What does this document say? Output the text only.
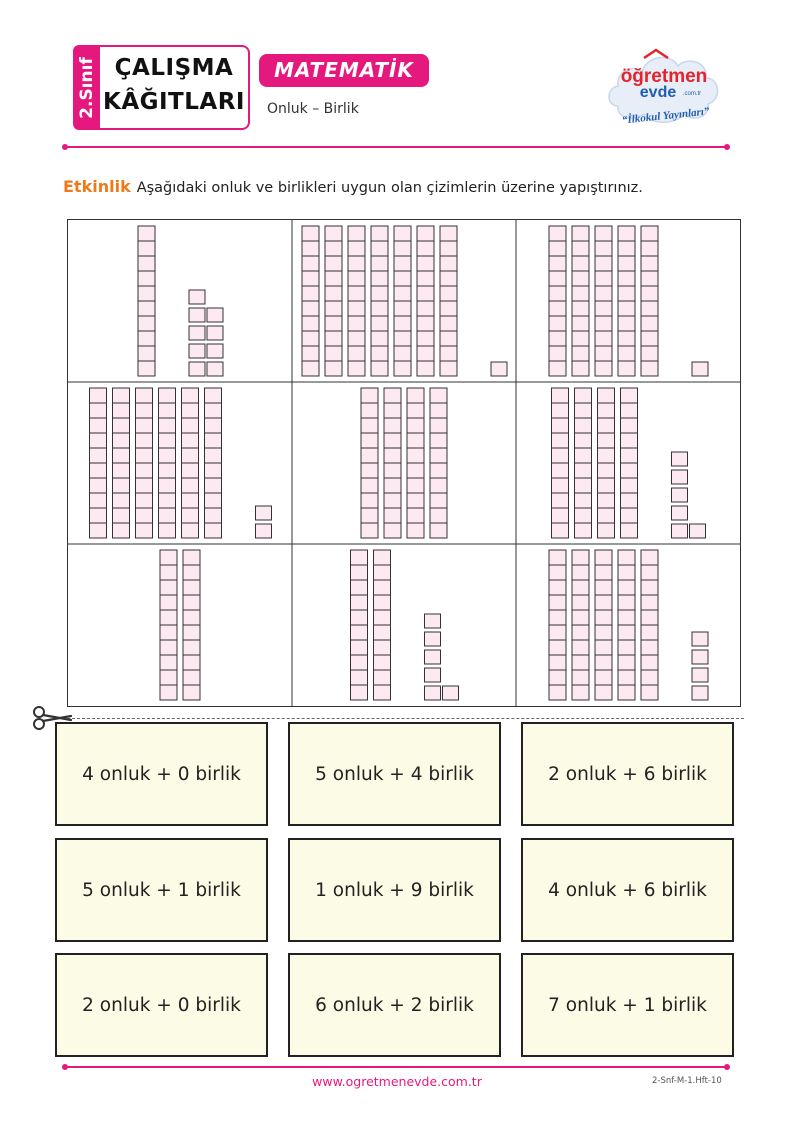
2.Sınıf ÇALIŞMA
KÂĞITLARI
MATEMATİK
Onluk – Birlik
öğretmen
evde .com.tr
“İlkokul Yayınları”
Etkinlik Aşağıdaki onluk ve birlikleri uygun olan çizimlerin üzerine yapıştırınız.
4 onluk + 0 birlik	5 onluk + 4 birlik	2 onluk + 6 birlik
5 onluk + 1 birlik	1 onluk + 9 birlik	4 onluk + 6 birlik
2 onluk + 0 birlik	6 onluk + 2 birlik	7 onluk + 1 birlik
www.ogretmenevde.com.tr	2-Snf-M-1.Hft-10
